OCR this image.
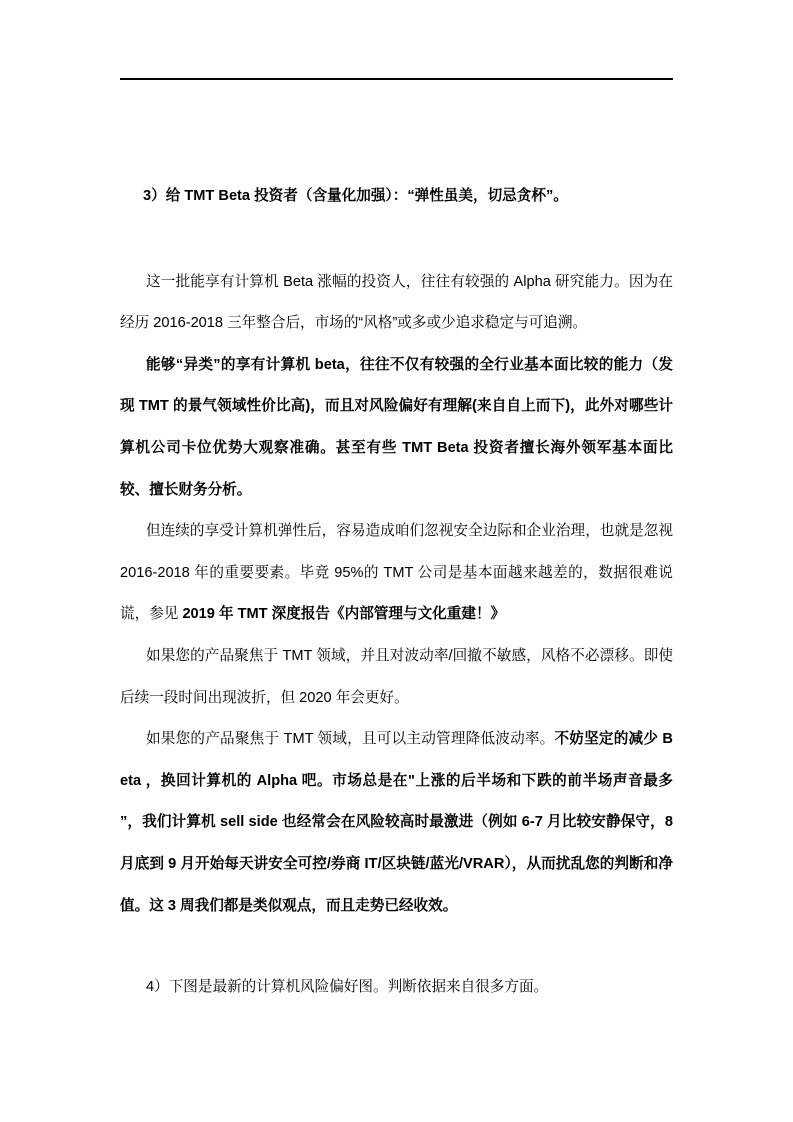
3）给 TMT Beta 投资者（含量化加强）：“弹性虽美，切忌贪杯”。

这一批能享有计算机 Beta 涨幅的投资人，往往有较强的 Alpha 研究能力。因为在经历 2016-2018 三年整合后，市场的“风格”或多或少追求稳定与可追溯。

能够“异类”的享有计算机 beta，往往不仅有较强的全行业基本面比较的能力（发现 TMT 的景气领域性价比高)，而且对风险偏好有理解(来自自上而下)，此外对哪些计算机公司卡位优势大观察准确。甚至有些 TMT Beta 投资者擅长海外领军基本面比较、擅长财务分析。

但连续的享受计算机弹性后，容易造成咱们忽视安全边际和企业治理，也就是忽视 2016-2018 年的重要要素。毕竟 95%的 TMT 公司是基本面越来越差的，数据很难说谎，参见 2019 年 TMT 深度报告《内部管理与文化重建！》

如果您的产品聚焦于 TMT 领域，并且对波动率/回撤不敏感，风格不必漂移。即使后续一段时间出现波折，但 2020 年会更好。

如果您的产品聚焦于 TMT 领域，且可以主动管理降低波动率。不妨坚定的减少 Beta ，换回计算机的 Alpha 吧。市场总是在"上涨的后半场和下跌的前半场声音最多 ”，我们计算机 sell side 也经常会在风险较高时最激进（例如 6-7 月比较安静保守，8 月底到 9 月开始每天讲安全可控/券商 IT/区块链/蓝光/VRAR），从而扰乱您的判断和净值。这 3 周我们都是类似观点，而且走势已经收效。

4）下图是最新的计算机风险偏好图。判断依据来自很多方面。
